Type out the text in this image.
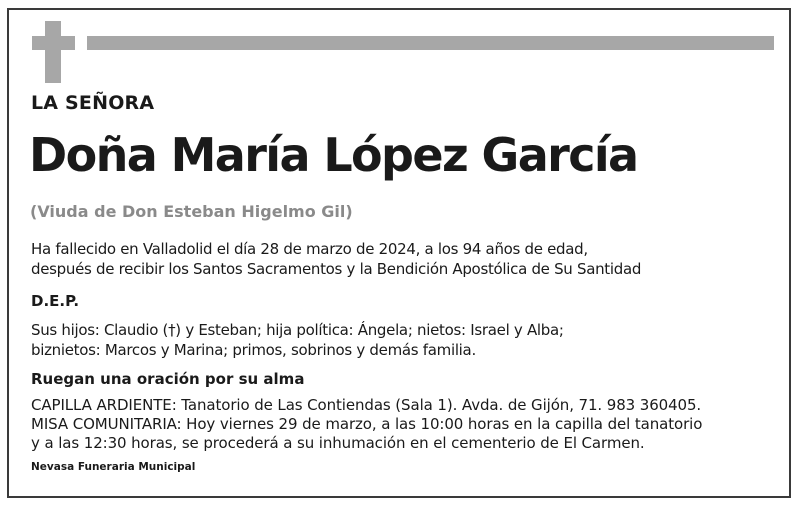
LA SEÑORA
Doña María López García
(Viuda de Don Esteban Higelmo Gil)
Ha fallecido en Valladolid el día 28 de marzo de 2024, a los 94 años de edad,
después de recibir los Santos Sacramentos y la Bendición Apostólica de Su Santidad
D.E.P.
Sus hijos: Claudio (†) y Esteban; hija política: Ángela; nietos: Israel y Alba;
biznietos: Marcos y Marina; primos, sobrinos y demás familia.
Ruegan una oración por su alma
CAPILLA ARDIENTE: Tanatorio de Las Contiendas (Sala 1). Avda. de Gijón, 71. 983 360405.
MISA COMUNITARIA: Hoy viernes 29 de marzo, a las 10:00 horas en la capilla del tanatorio
y a las 12:30 horas, se procederá a su inhumación en el cementerio de El Carmen.
Nevasa Funeraria Municipal
